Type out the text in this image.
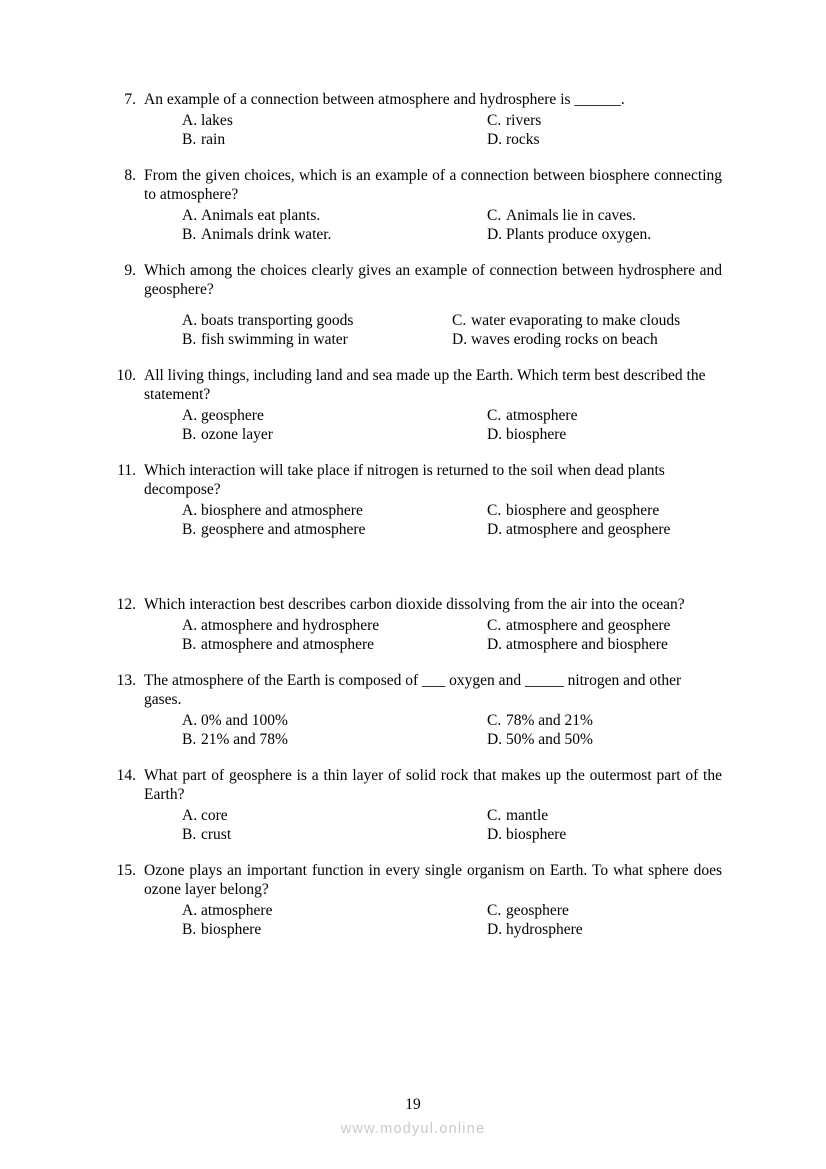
7. An example of a connection between atmosphere and hydrosphere is ______.
A. lakes	C. rivers
B. rain	D. rocks
8. From the given choices, which is an example of a connection between biosphere connecting to atmosphere?
A. Animals eat plants.	C. Animals lie in caves.
B. Animals drink water.	D. Plants produce oxygen.
9. Which among the choices clearly gives an example of connection between hydrosphere and geosphere?
A. boats transporting goods	C. water evaporating to make clouds
B. fish swimming in water	D. waves eroding rocks on beach
10. All living things, including land and sea made up the Earth. Which term best described the statement?
A. geosphere	C. atmosphere
B. ozone layer	D. biosphere
11. Which interaction will take place if nitrogen is returned to the soil when dead plants decompose?
A. biosphere and atmosphere	C. biosphere and geosphere
B. geosphere and atmosphere	D. atmosphere and geosphere
12. Which interaction best describes carbon dioxide dissolving from the air into the ocean?
A. atmosphere and hydrosphere	C. atmosphere and geosphere
B. atmosphere and atmosphere	D. atmosphere and biosphere
13. The atmosphere of the Earth is composed of ___ oxygen and _____ nitrogen and other gases.
A. 0% and 100%	C. 78% and 21%
B. 21% and 78%	D. 50% and 50%
14. What part of geosphere is a thin layer of solid rock that makes up the outermost part of the Earth?
A. core	C. mantle
B. crust	D. biosphere
15. Ozone plays an important function in every single organism on Earth. To what sphere does ozone layer belong?
A. atmosphere	C. geosphere
B. biosphere	D. hydrosphere
19
www.modyul.online
